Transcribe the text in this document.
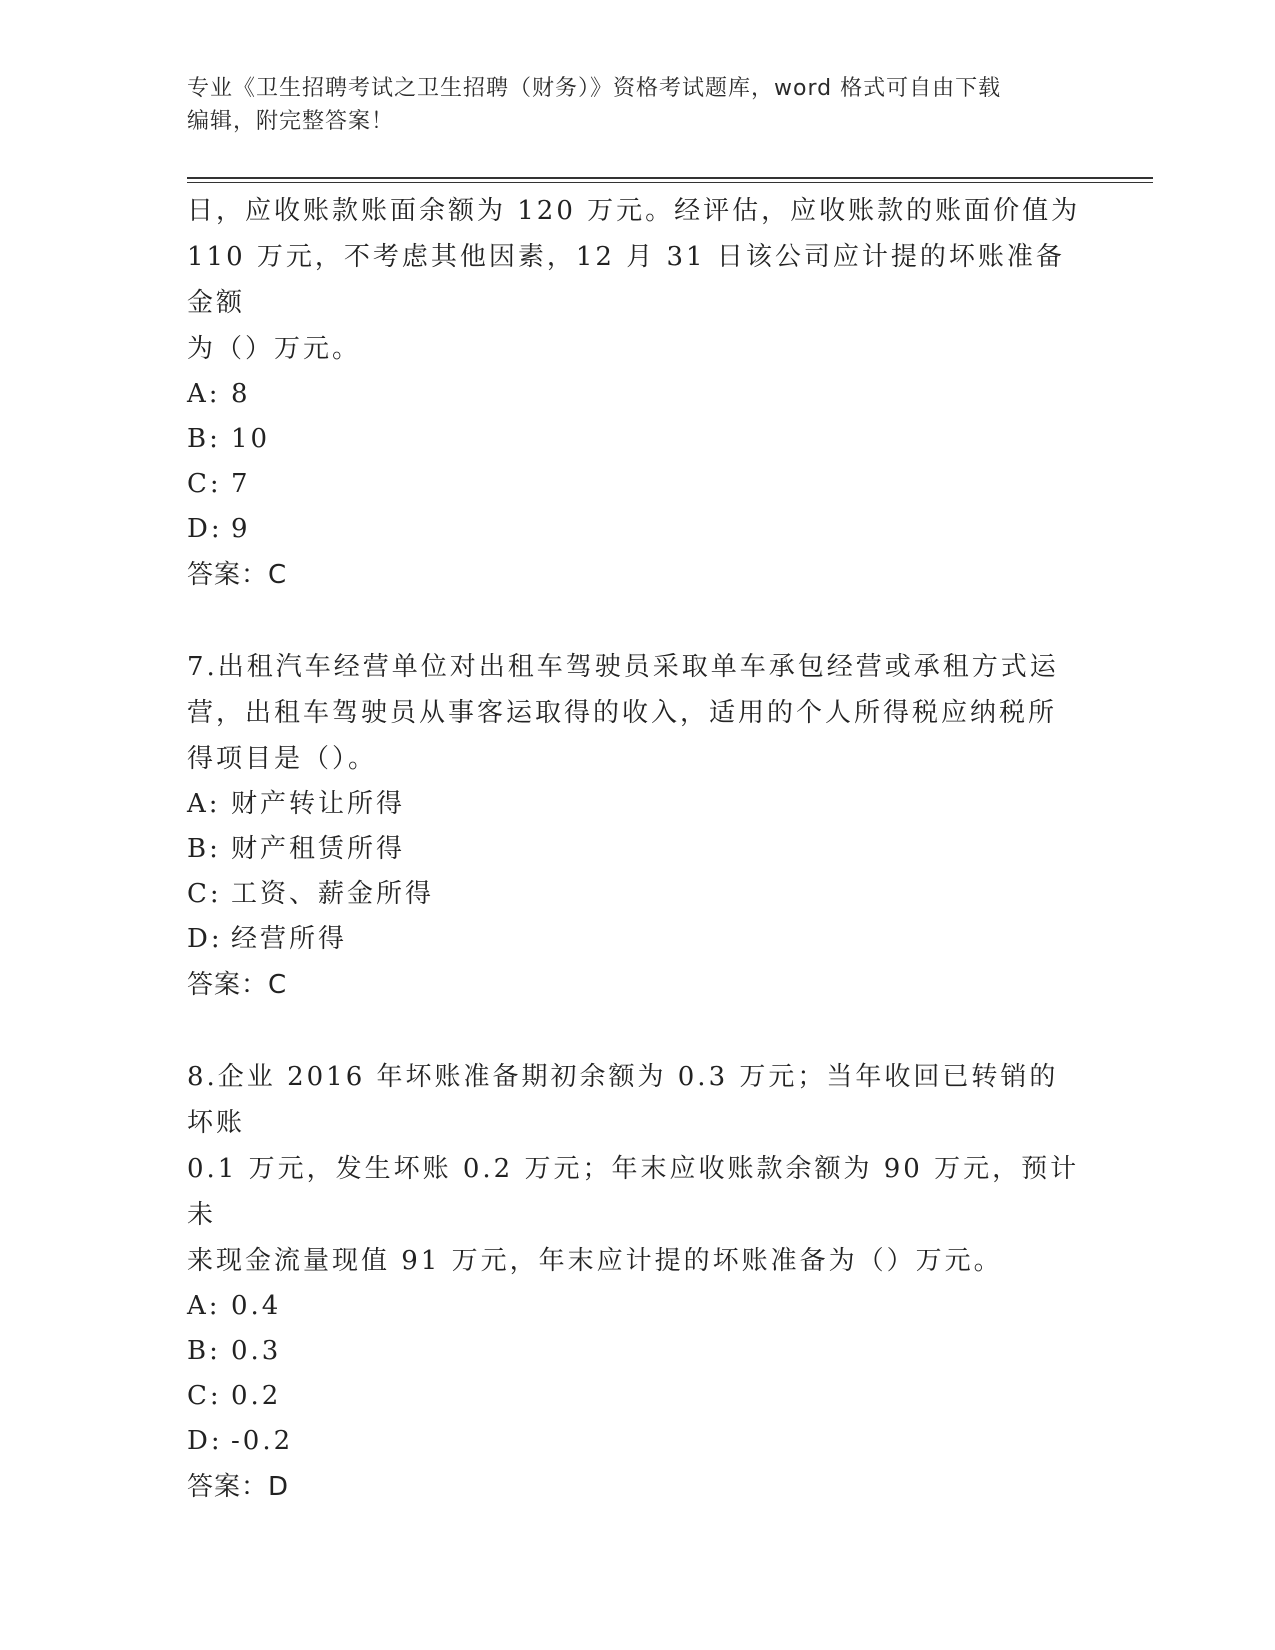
专业《卫生招聘考试之卫生招聘（财务）》资格考试题库，word 格式可自由下载
编辑，附完整答案！
日，应收账款账面余额为 120 万元。经评估，应收账款的账面价值为
110 万元，不考虑其他因素，12 月 31 日该公司应计提的坏账准备金额
为（）万元。
A: 8
B: 10
C: 7
D: 9

答案：C

7.出租汽车经营单位对出租车驾驶员采取单车承包经营或承租方式运
营，出租车驾驶员从事客运取得的收入，适用的个人所得税应纳税所
得项目是（）。
A: 财产转让所得
B: 财产租赁所得
C: 工资、薪金所得
D: 经营所得

答案：C

8.企业 2016 年坏账准备期初余额为 0.3 万元；当年收回已转销的坏账
0.1 万元，发生坏账 0.2 万元；年末应收账款余额为 90 万元，预计未
来现金流量现值 91 万元，年末应计提的坏账准备为（）万元。
A: 0.4
B: 0.3
C: 0.2
D: -0.2

答案：D
